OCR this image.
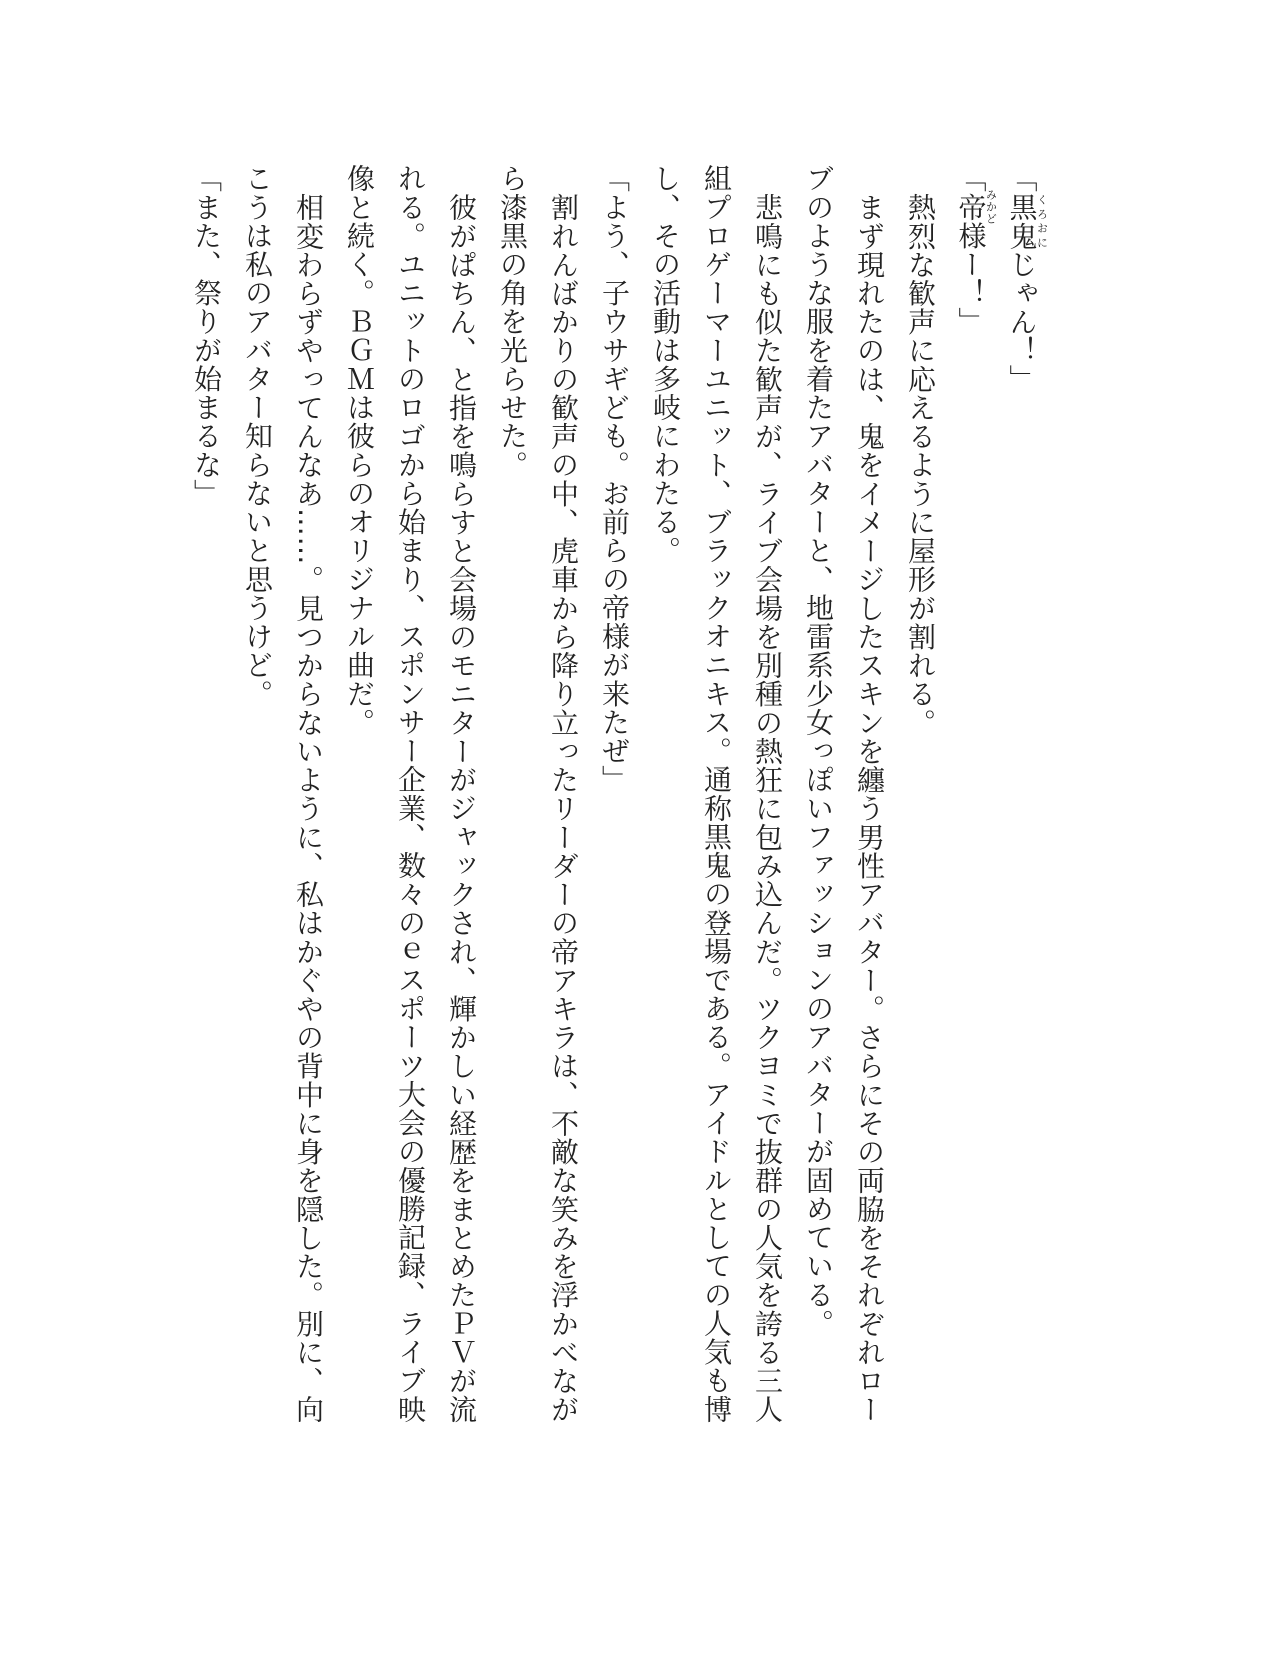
「黒鬼くろおにじゃん！」
「帝みかど様ー！」
熱烈な歓声に応えるように屋形が割れる。
まず現れたのは、鬼をイメージしたスキンを纏う男性アバター。さらにその両脇をそれぞれロー
ブのような服を着たアバターと、地雷系少女っぽいファッションのアバターが固めている。
悲鳴にも似た歓声が、ライブ会場を別種の熱狂に包み込んだ。ツクヨミで抜群の人気を誇る三人
組プロゲーマーユニット、ブラックオニキス。通称黒鬼の登場である。アイドルとしての人気も博
し、その活動は多岐にわたる。
「よう、子ウサギども。お前らの帝様が来たぜ」
割れんばかりの歓声の中、虎車から降り立ったリーダーの帝アキラは、不敵な笑みを浮かべなが
ら漆黒の角を光らせた。
彼がぱちん、と指を鳴らすと会場のモニターがジャックされ、輝かしい経歴をまとめたＰＶが流
れる。ユニットのロゴから始まり、スポンサー企業、数々のｅスポーツ大会の優勝記録、ライブ映
像と続く。ＢＧＭは彼らのオリジナル曲だ。
相変わらずやってんなあ……。見つからないように、私はかぐやの背中に身を隠した。別に、向
こうは私のアバター知らないと思うけど。
「また、祭りが始まるな」
